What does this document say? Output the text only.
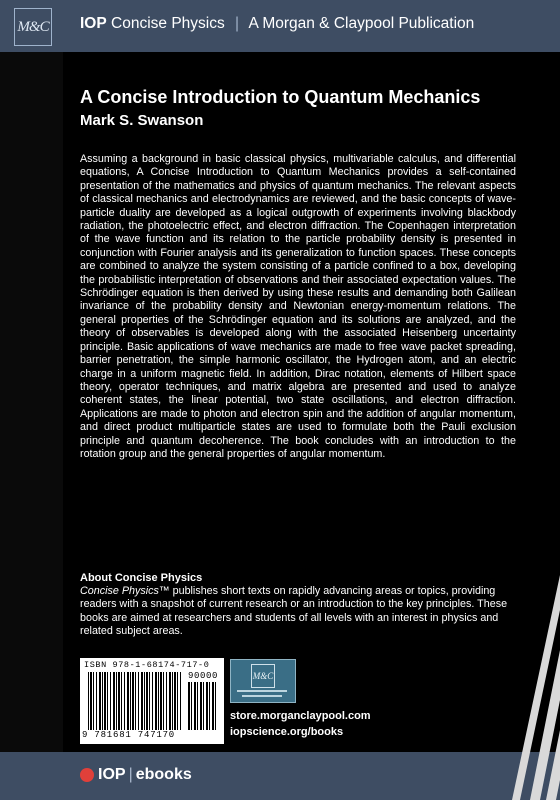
M&C IOP Concise Physics | A Morgan & Claypool Publication
A Concise Introduction to Quantum Mechanics
Mark S. Swanson

Assuming a background in basic classical physics, multivariable calculus, and differential equations, A Concise Introduction to Quantum Mechanics provides a self-contained presentation of the mathematics and physics of quantum mechanics. The relevant aspects of classical mechanics and electrodynamics are reviewed, and the basic concepts of wave-particle duality are developed as a logical outgrowth of experiments involving blackbody radiation, the photoelectric effect, and electron diffraction. The Copenhagen interpretation of the wave function and its relation to the particle probability density is presented in conjunction with Fourier analysis and its generalization to function spaces. These concepts are combined to analyze the system consisting of a particle confined to a box, developing the probabilistic interpretation of observations and their associated expectation values. The Schrödinger equation is then derived by using these results and demanding both Galilean invariance of the probability density and Newtonian energy-momentum relations. The general properties of the Schrödinger equation and its solutions are analyzed, and the theory of observables is developed along with the associated Heisenberg uncertainty principle. Basic applications of wave mechanics are made to free wave packet spreading, barrier penetration, the simple harmonic oscillator, the Hydrogen atom, and an electric charge in a uniform magnetic field. In addition, Dirac notation, elements of Hilbert space theory, operator techniques, and matrix algebra are presented and used to analyze coherent states, the linear potential, two state oscillations, and electron diffraction. Applications are made to photon and electron spin and the addition of angular momentum, and direct product multiparticle states are used to formulate both the Pauli exclusion principle and quantum decoherence. The book concludes with an introduction to the rotation group and the general properties of angular momentum.

About Concise Physics

Concise Physics™ publishes short texts on rapidly advancing areas or topics, providing readers with a snapshot of current research or an introduction to the key principles. These books are aimed at researchers and students of all levels with an interest in physics and related subject areas.

ISBN 978-1-68174-717-0
90000
9 781681 747170
M&C
store.morganclaypool.com
iopscience.org/books
IOP | ebooks
